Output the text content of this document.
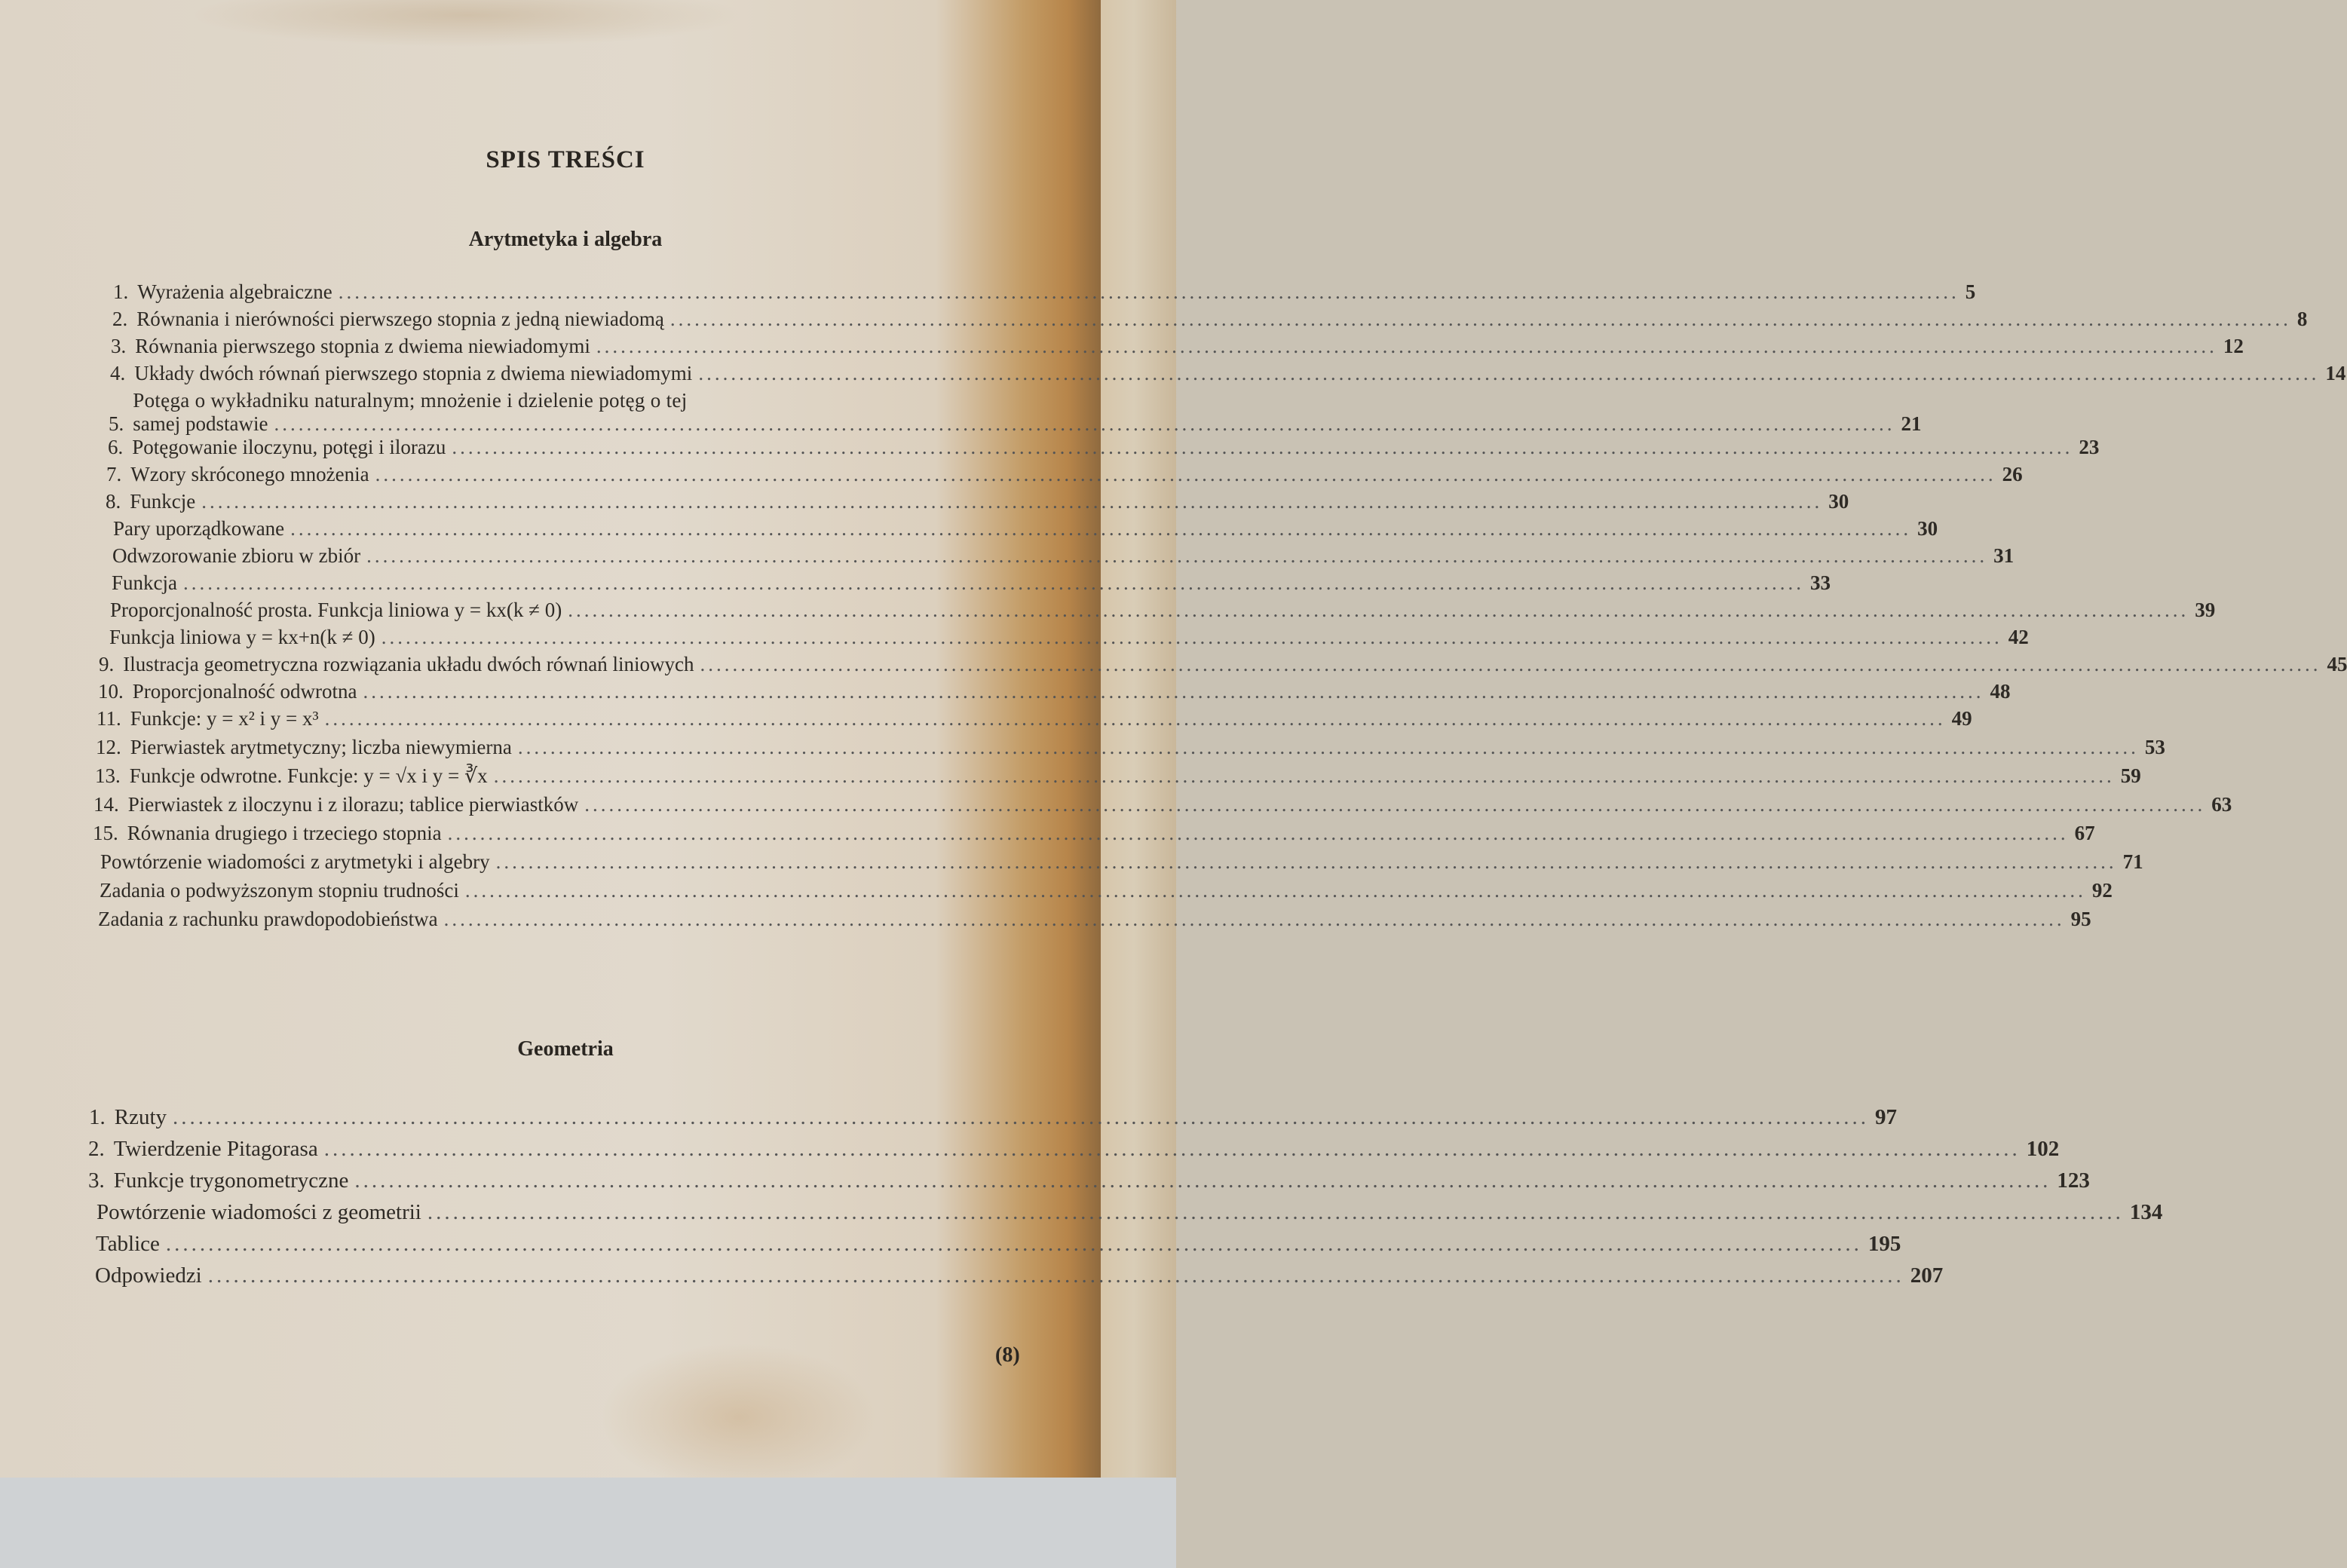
SPIS TREŚCI
Arytmetyka i algebra
1. Wyrażenia algebraiczne ........................................................................................................................................................................................................ 5
2. Równania i nierówności pierwszego stopnia z jedną niewiadomą ........................................................................................................................................................................................................ 8
3. Równania pierwszego stopnia z dwiema niewiadomymi ........................................................................................................................................................................................................ 12
4. Układy dwóch równań pierwszego stopnia z dwiema niewiadomymi ........................................................................................................................................................................................................ 14
5.
Potęga o wykładniku naturalnym; mnożenie i dzielenie potęg o tej
samej podstawie ........................................................................................................................................................................................................ 21
6. Potęgowanie iloczynu, potęgi i ilorazu ........................................................................................................................................................................................................ 23
7. Wzory skróconego mnożenia ........................................................................................................................................................................................................ 26
8. Funkcje ........................................................................................................................................................................................................ 30
Pary uporządkowane ........................................................................................................................................................................................................ 30
Odwzorowanie zbioru w zbiór ........................................................................................................................................................................................................ 31
Funkcja ........................................................................................................................................................................................................ 33
Proporcjonalność prosta. Funkcja liniowa y = kx(k ≠ 0) ........................................................................................................................................................................................................ 39
Funkcja liniowa y = kx+n(k ≠ 0) ........................................................................................................................................................................................................ 42
9. Ilustracja geometryczna rozwiązania układu dwóch równań liniowych ........................................................................................................................................................................................................ 45
10. Proporcjonalność odwrotna ........................................................................................................................................................................................................ 48
11. Funkcje: y = x² i y = x³ ........................................................................................................................................................................................................ 49
12. Pierwiastek arytmetyczny; liczba niewymierna ........................................................................................................................................................................................................ 53
13. Funkcje odwrotne. Funkcje: y = √x i y = ∛x ........................................................................................................................................................................................................ 59
14. Pierwiastek z iloczynu i z ilorazu; tablice pierwiastków ........................................................................................................................................................................................................ 63
15. Równania drugiego i trzeciego stopnia ........................................................................................................................................................................................................ 67
Powtórzenie wiadomości z arytmetyki i algebry ........................................................................................................................................................................................................ 71
Zadania o podwyższonym stopniu trudności ........................................................................................................................................................................................................ 92
Zadania z rachunku prawdopodobieństwa ........................................................................................................................................................................................................ 95
Geometria
1. Rzuty ........................................................................................................................................................................................................ 97
2. Twierdzenie Pitagorasa ........................................................................................................................................................................................................ 102
3. Funkcje trygonometryczne ........................................................................................................................................................................................................ 123
Powtórzenie wiadomości z geometrii ........................................................................................................................................................................................................ 134
Tablice ........................................................................................................................................................................................................ 195
Odpowiedzi ........................................................................................................................................................................................................ 207
(8)
